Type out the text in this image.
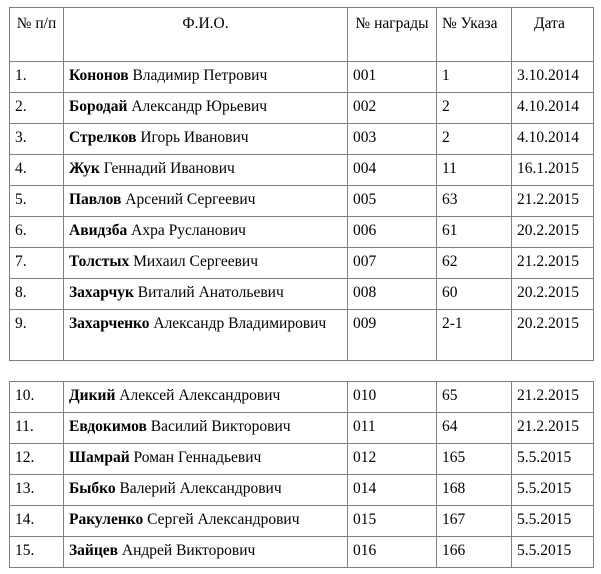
№ п/п	Ф.И.О.	№ награды	№ Указа	Дата
1.	Кононов Владимир Петрович	001	1	3.10.2014
2.	Бородай Александр Юрьевич	002	2	4.10.2014
3.	Стрелков Игорь Иванович	003	2	4.10.2014
4.	Жук Геннадий Иванович	004	11	16.1.2015
5.	Павлов Арсений Сергеевич	005	63	21.2.2015
6.	Авидзба Ахра Русланович	006	61	20.2.2015
7.	Толстых Михаил Сергеевич	007	62	21.2.2015
8.	Захарчук Виталий Анатольевич	008	60	20.2.2015
9.	Захарченко Александр Владимирович	009	2-1	20.2.2015
10.	Дикий Алексей Александрович	010	65	21.2.2015
11.	Евдокимов Василий Викторович	011	64	21.2.2015
12.	Шамрай Роман Геннадьевич	012	165	5.5.2015
13.	Быбко Валерий Александрович	014	168	5.5.2015
14.	Ракуленко Сергей Александрович	015	167	5.5.2015
15.	Зайцев Андрей Викторович	016	166	5.5.2015
